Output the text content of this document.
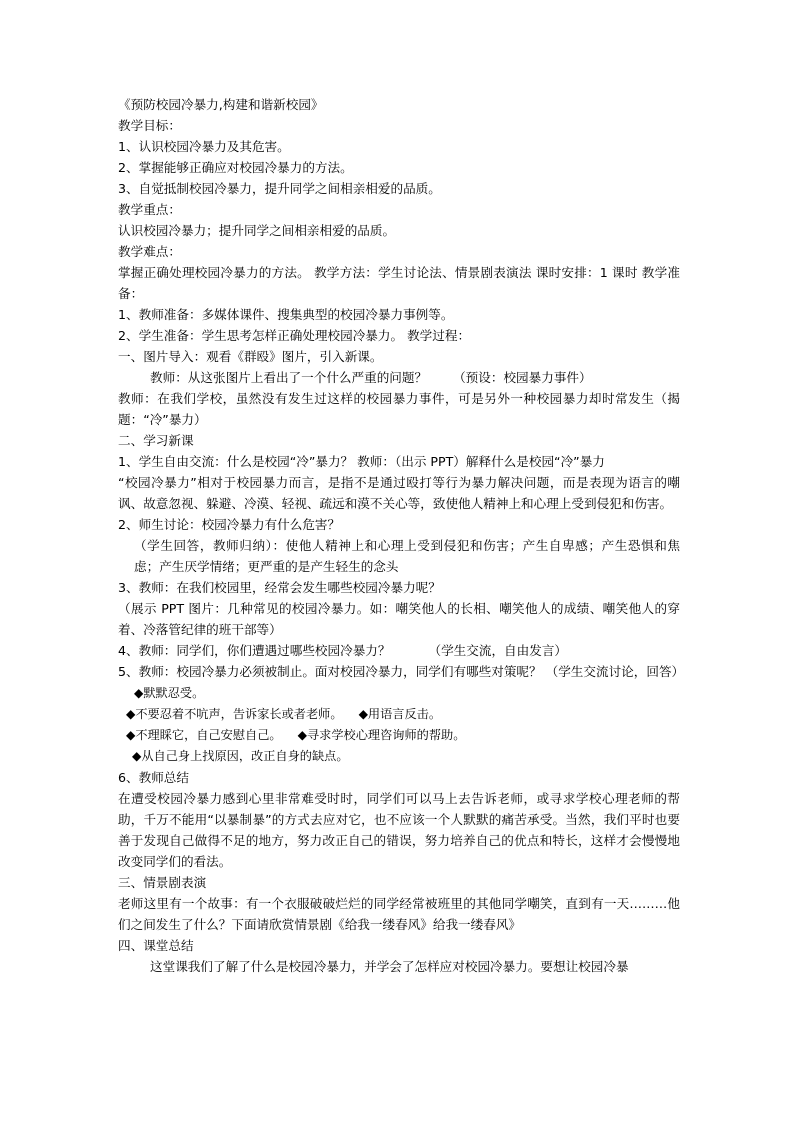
《预防校园冷暴力,构建和谐新校园》
教学目标：
1、认识校园冷暴力及其危害。
2、掌握能够正确应对校园冷暴力的方法。
3、自觉抵制校园冷暴力，提升同学之间相亲相爱的品质。
教学重点：
认识校园冷暴力；提升同学之间相亲相爱的品质。
教学难点：
掌握正确处理校园冷暴力的方法。 教学方法：学生讨论法、情景剧表演法 课时安排：1 课时 教学准备：
1、教师准备：多媒体课件、搜集典型的校园冷暴力事例等。
2、学生准备：学生思考怎样正确处理校园冷暴力。 教学过程：
一、图片导入：观看《群殴》图片，引入新课。
教师：从这张图片上看出了一个什么严重的问题？ （预设：校园暴力事件）
教师：在我们学校，虽然没有发生过这样的校园暴力事件，可是另外一种校园暴力却时常发生（揭题：“冷”暴力）
二、学习新课
1、学生自由交流：什么是校园“冷”暴力？ 教师：（出示 PPT）解释什么是校园“冷”暴力
“校园冷暴力”相对于校园暴力而言，是指不是通过殴打等行为暴力解决问题，而是表现为语言的嘲讽、故意忽视、躲避、冷漠、轻视、疏远和漠不关心等，致使他人精神上和心理上受到侵犯和伤害。
2、师生讨论：校园冷暴力有什么危害？
（学生回答，教师归纳）：使他人精神上和心理上受到侵犯和伤害；产生自卑感；产生恐惧和焦虑；产生厌学情绪；更严重的是产生轻生的念头
3、教师：在我们校园里，经常会发生哪些校园冷暴力呢？
（展示 PPT 图片：几种常见的校园冷暴力。如：嘲笑他人的长相、嘲笑他人的成绩、嘲笑他人的穿着、冷落管纪律的班干部等）
4、教师：同学们，你们遭遇过哪些校园冷暴力？	（学生交流，自由发言）
5、教师：校园冷暴力必须被制止。面对校园冷暴力，同学们有哪些对策呢？ （学生交流讨论，回答）◆默默忍受。
◆不要忍着不吭声，告诉家长或者老师。 ◆用语言反击。
◆不理睬它，自己安慰自己。 ◆寻求学校心理咨询师的帮助。
◆从自己身上找原因，改正自身的缺点。
6、教师总结
在遭受校园冷暴力感到心里非常难受时时，同学们可以马上去告诉老师，或寻求学校心理老师的帮助，千万不能用“以暴制暴”的方式去应对它，也不应该一个人默默的痛苦承受。当然，我们平时也要善于发现自己做得不足的地方，努力改正自己的错误，努力培养自己的优点和特长，这样才会慢慢地改变同学们的看法。
三、情景剧表演
老师这里有一个故事：有一个衣服破破烂烂的同学经常被班里的其他同学嘲笑，直到有一天………他们之间发生了什么？下面请欣赏情景剧《给我一缕春风》给我一缕春风》
四、课堂总结
这堂课我们了解了什么是校园冷暴力，并学会了怎样应对校园冷暴力。要想让校园冷暴
